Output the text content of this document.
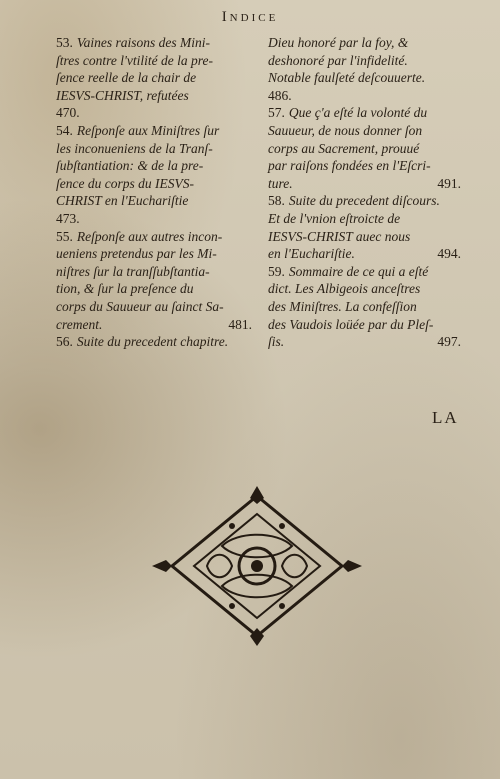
Indice

53. Vaines raisons des Mini-

ſtres contre l'vtilité de la pre-

ſence reelle de la chair de

IESVS-CHRIST, refutées

470.

54. Reſponſe aux Miniſtres ſur

les inconueniens de la Tranſ-

ſubſtantiation: & de la pre-

ſence du corps du IESVS-

CHRIST en l'Euchariſtie

473.

55. Reſponſe aux autres incon-

ueniens pretendus par les Mi-

niſtres ſur la tranſſubſtantia-

tion, & ſur la preſence du

corps du Sauueur au ſainct Sa-

crement.	481.

56. Suite du precedent chapitre.

Dieu honoré par la foy, &

deshonoré par l'infidelité.

Notable faulſeté deſcouuerte.

486.

57. Que ç'a eſté la volonté du

Sauueur, de nous donner ſon

corps au Sacrement, prouué

par raiſons fondées en l'Eſcri-

ture.	491.

58. Suite du precedent diſcours.

Et de l'vnion eſtroicte de

IESVS-CHRIST auec nous

en l'Euchariſtie.	494.

59. Sommaire de ce qui a eſté

dict. Les Albigeois anceſtres

des Miniſtres. La confeſſion

des Vaudois loüée par du Pleſ-

ſis.	497.

LA
